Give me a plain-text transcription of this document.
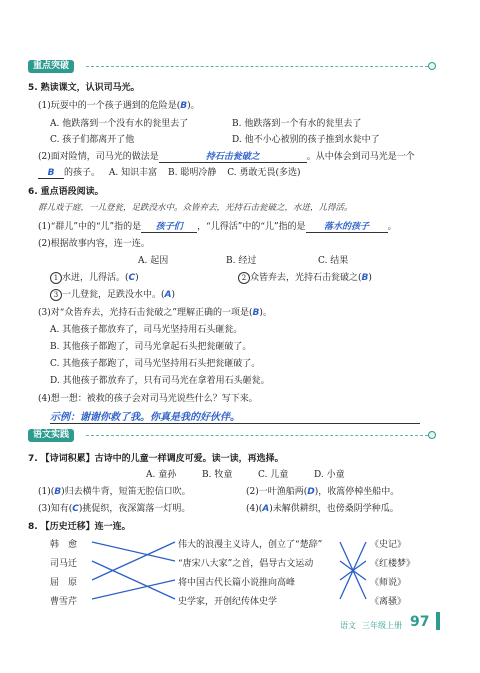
重点突破
5. 熟读课文，认识司马光。
(1)玩耍中的一个孩子遇到的危险是(B)。
A. 他跌落到一个没有水的瓮里去了	B. 他跌落到一个有水的瓮里去了
C. 孩子们都离开了他	D. 他不小心被别的孩子推到水瓮中了
(2)面对险情，司马光的做法是	持石击瓮破之	。从中体会到司马光是一个
B 的孩子。 A. 知识丰富 B. 聪明冷静 C. 勇敢无畏(多选)
6. 重点语段阅读。
群儿戏于庭，一儿登瓮，足跌没水中。众皆弃去，光持石击瓮破之，水迸，儿得活。
(1)“群儿”中的“儿”指的是 孩子们 ，“儿得活”中的“儿”指的是 落水的孩子 。
(2)根据故事内容，连一连。
A. 起因	B. 经过	C. 结果
1 水迸，儿得活。(C)	2 众皆弃去，光持石击瓮破之(B)
3 一儿登瓮，足跌没水中。(A)
(3)对“众皆弃去，光持石击瓮破之”理解正确的一项是(B)。
A. 其他孩子都放弃了，司马光坚持用石头砸瓮。
B. 其他孩子都跑了，司马光拿起石头把瓮砸破了。
C. 其他孩子都跑了，司马光坚持用石头把瓮砸破了。
D. 其他孩子都放弃了，只有司马光在拿着用石头砸瓮。
(4)想一想：被救的孩子会对司马光说些什么？写下来。
示例：谢谢你救了我。你真是我的好伙伴。
语文实践
7. 【诗词积累】古诗中的儿童一样调皮可爱。读一读，再选择。
A. 童孙	B. 牧童	C. 儿童	D. 小童
(1)(B)归去横牛背，短笛无腔信口吹。	(2)一叶渔船两(D)，收篙停棹坐船中。
(3)知有(C)挑促织，夜深篱落一灯明。	(4)(A)未解供耕织，也傍桑阴学种瓜。
8. 【历史迁移】连一连。
韩　愈
司马迁
屈　原
曹雪芹
伟大的浪漫主义诗人，创立了“楚辞”
“唐宋八大家”之首，倡导古文运动
将中国古代长篇小说推向高峰
史学家，开创纪传体史学
《史记》
《红楼梦》
《师说》
《离骚》
语文 三年级上册 97
